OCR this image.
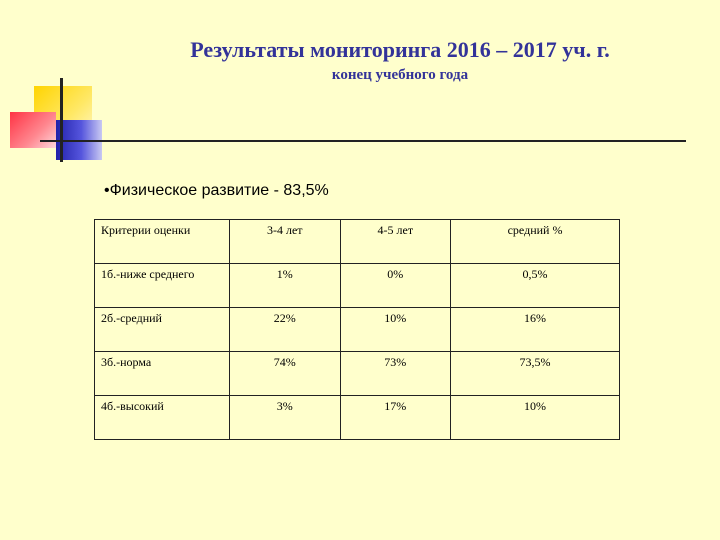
Результаты мониторинга 2016 – 2017 уч. г.
конец учебного года
•Физическое развитие - 83,5%
Критерии оценки	3-4 лет	4-5 лет	средний %
1б.-ниже среднего	1%	0%	0,5%
2б.-средний	22%	10%	16%
3б.-норма	74%	73%	73,5%
4б.-высокий	3%	17%	10%
